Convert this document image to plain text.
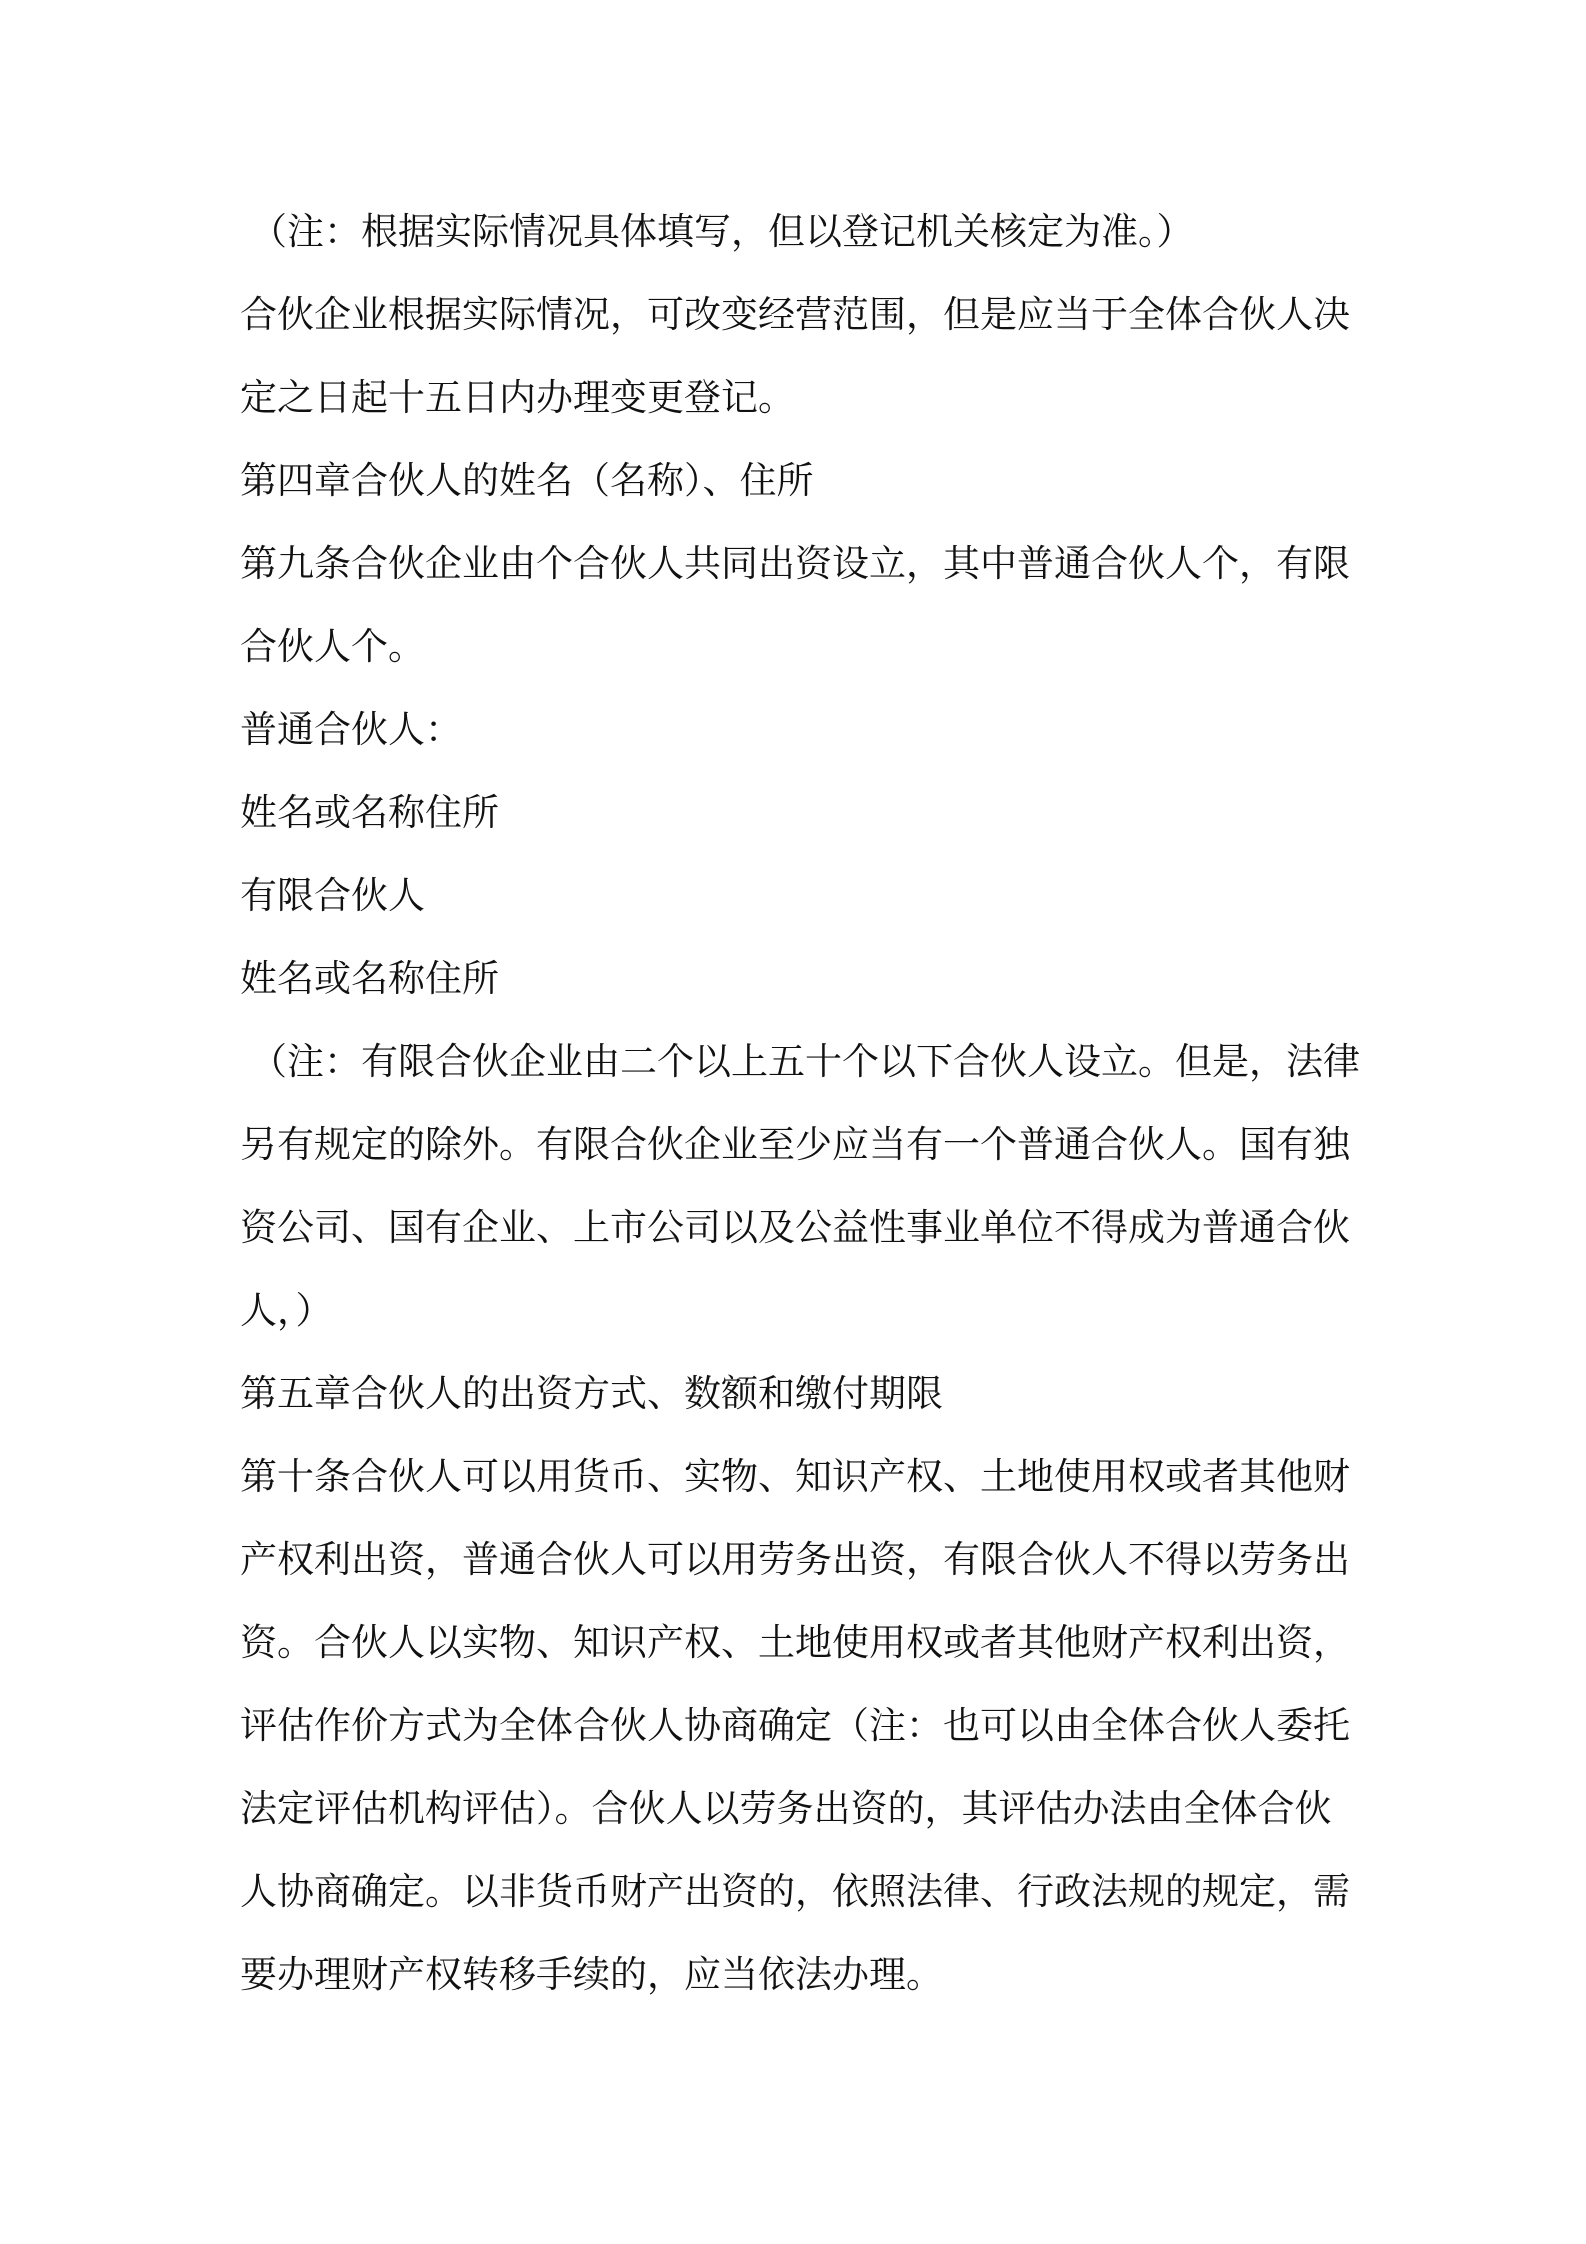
（注：根据实际情况具体填写，但以登记机关核定为准。）
合伙企业根据实际情况，可改变经营范围，但是应当于全体合伙人决
定之日起十五日内办理变更登记。
第四章合伙人的姓名（名称）、住所
第九条合伙企业由个合伙人共同出资设立，其中普通合伙人个，有限
合伙人个。
普通合伙人：
姓名或名称住所
有限合伙人
姓名或名称住所
（注：有限合伙企业由二个以上五十个以下合伙人设立。但是，法律
另有规定的除外。有限合伙企业至少应当有一个普通合伙人。国有独
资公司、国有企业、上市公司以及公益性事业单位不得成为普通合伙
人，）
第五章合伙人的出资方式、数额和缴付期限
第十条合伙人可以用货币、实物、知识产权、土地使用权或者其他财
产权利出资，普通合伙人可以用劳务出资，有限合伙人不得以劳务出
资。合伙人以实物、知识产权、土地使用权或者其他财产权利出资，
评估作价方式为全体合伙人协商确定（注：也可以由全体合伙人委托
法定评估机构评估）。合伙人以劳务出资的，其评估办法由全体合伙
人协商确定。以非货币财产出资的，依照法律、行政法规的规定，需
要办理财产权转移手续的，应当依法办理。
